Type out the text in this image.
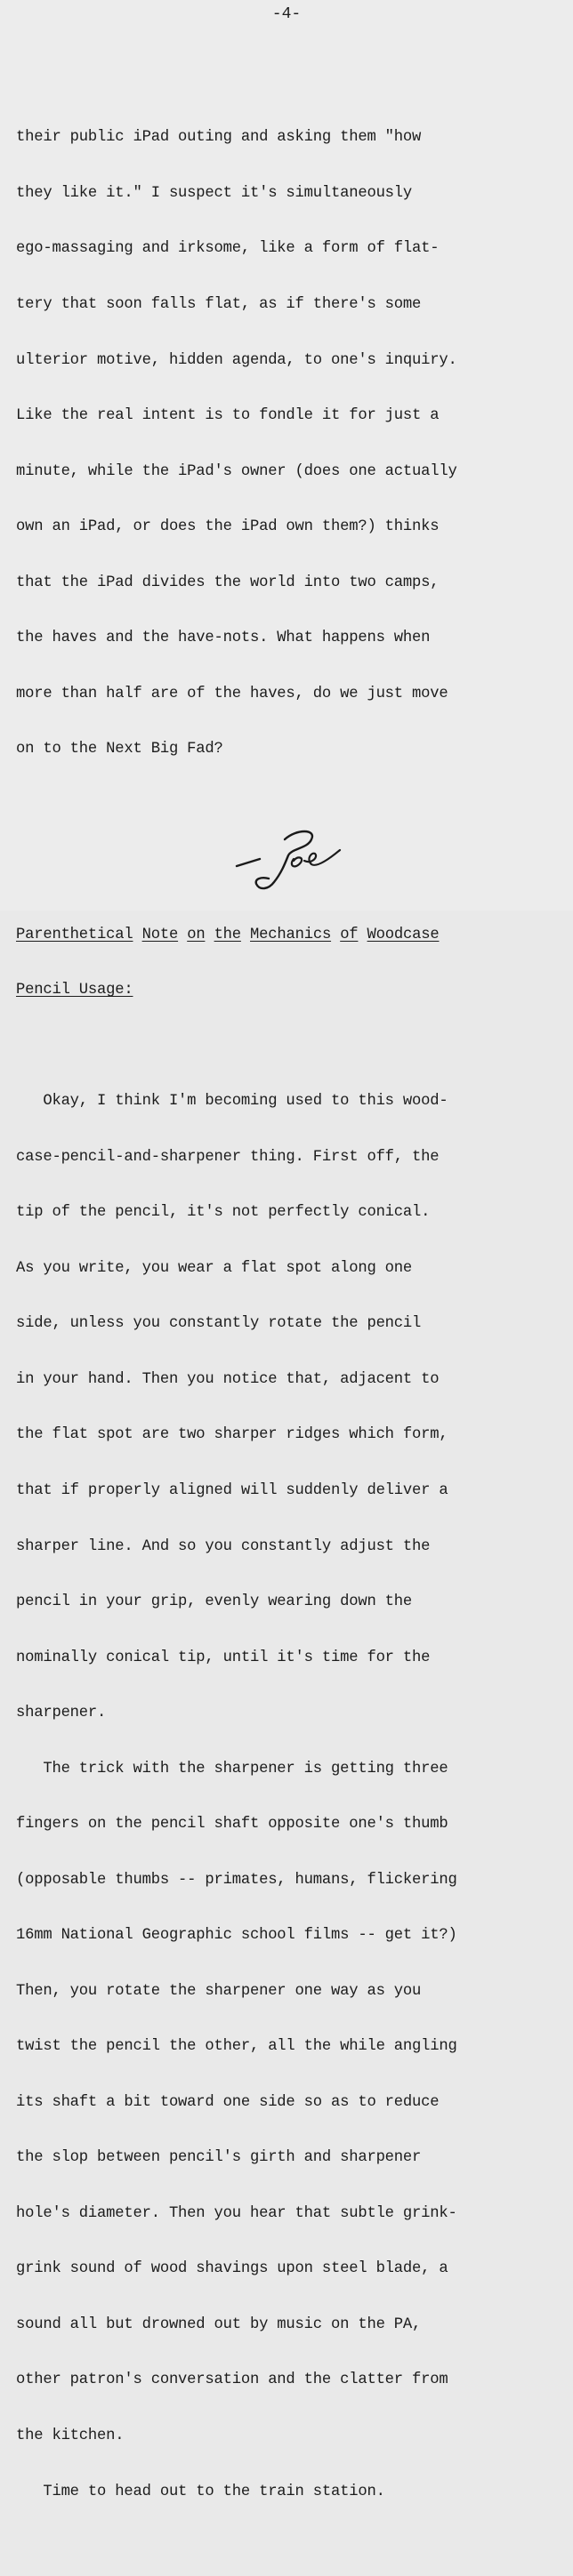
-4-

their public iPad outing and asking them "how

they like it." I suspect it's simultaneously

ego-massaging and irksome, like a form of flat-

tery that soon falls flat, as if there's some

ulterior motive, hidden agenda, to one's inquiry.

Like the real intent is to fondle it for just a

minute, while the iPad's owner (does one actually

own an iPad, or does the iPad own them?) thinks

that the iPad divides the world into two camps,

the haves and the have-nots. What happens when

more than half are of the haves, do we just move

on to the Next Big Fad?

Parenthetical Note on the Mechanics of Woodcase

Pencil Usage:

Okay, I think I'm becoming used to this wood-

case-pencil-and-sharpener thing. First off, the

tip of the pencil, it's not perfectly conical.

As you write, you wear a flat spot along one

side, unless you constantly rotate the pencil

in your hand. Then you notice that, adjacent to

the flat spot are two sharper ridges which form,

that if properly aligned will suddenly deliver a

sharper line. And so you constantly adjust the

pencil in your grip, evenly wearing down the

nominally conical tip, until it's time for the

sharpener.

The trick with the sharpener is getting three

fingers on the pencil shaft opposite one's thumb

(opposable thumbs -- primates, humans, flickering

16mm National Geographic school films -- get it?)

Then, you rotate the sharpener one way as you

twist the pencil the other, all the while angling

its shaft a bit toward one side so as to reduce

the slop between pencil's girth and sharpener

hole's diameter. Then you hear that subtle grink-

grink sound of wood shavings upon steel blade, a

sound all but drowned out by music on the PA,

other patron's conversation and the clatter from

the kitchen.

Time to head out to the train station.
